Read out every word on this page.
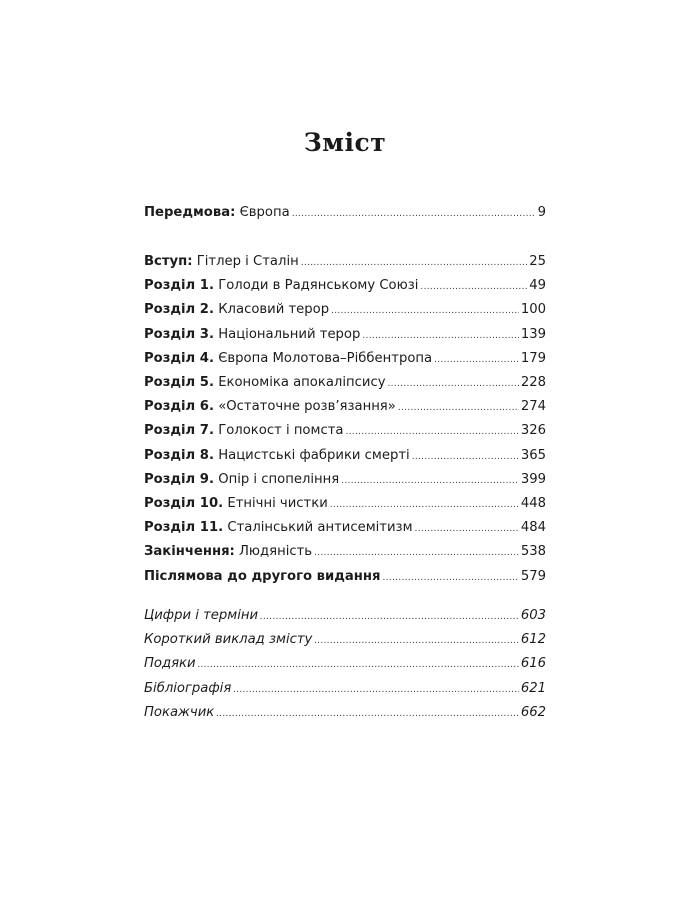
Зміст
Передмова: Європа .....	9
Вступ: Гітлер і Сталін .....	25
Розділ 1. Голоди в Радянському Союзі .....	49
Розділ 2. Класовий терор .....	100
Розділ 3. Національний терор .....	139
Розділ 4. Європа Молотова–Ріббентропа .....	179
Розділ 5. Економіка апокаліпсису .....	228
Розділ 6. «Остаточне розв’язання» .....	274
Розділ 7. Голокост і помста .....	326
Розділ 8. Нацистські фабрики смерті .....	365
Розділ 9. Опір і спопеління .....	399
Розділ 10. Етнічні чистки .....	448
Розділ 11. Сталінський антисемітизм .....	484
Закінчення: Людяність .....	538
Післямова до другого видання .....	579
Цифри і терміни .....	603
Короткий виклад змісту .....	612
Подяки .....	616
Бібліографія .....	621
Покажчик .....	662
